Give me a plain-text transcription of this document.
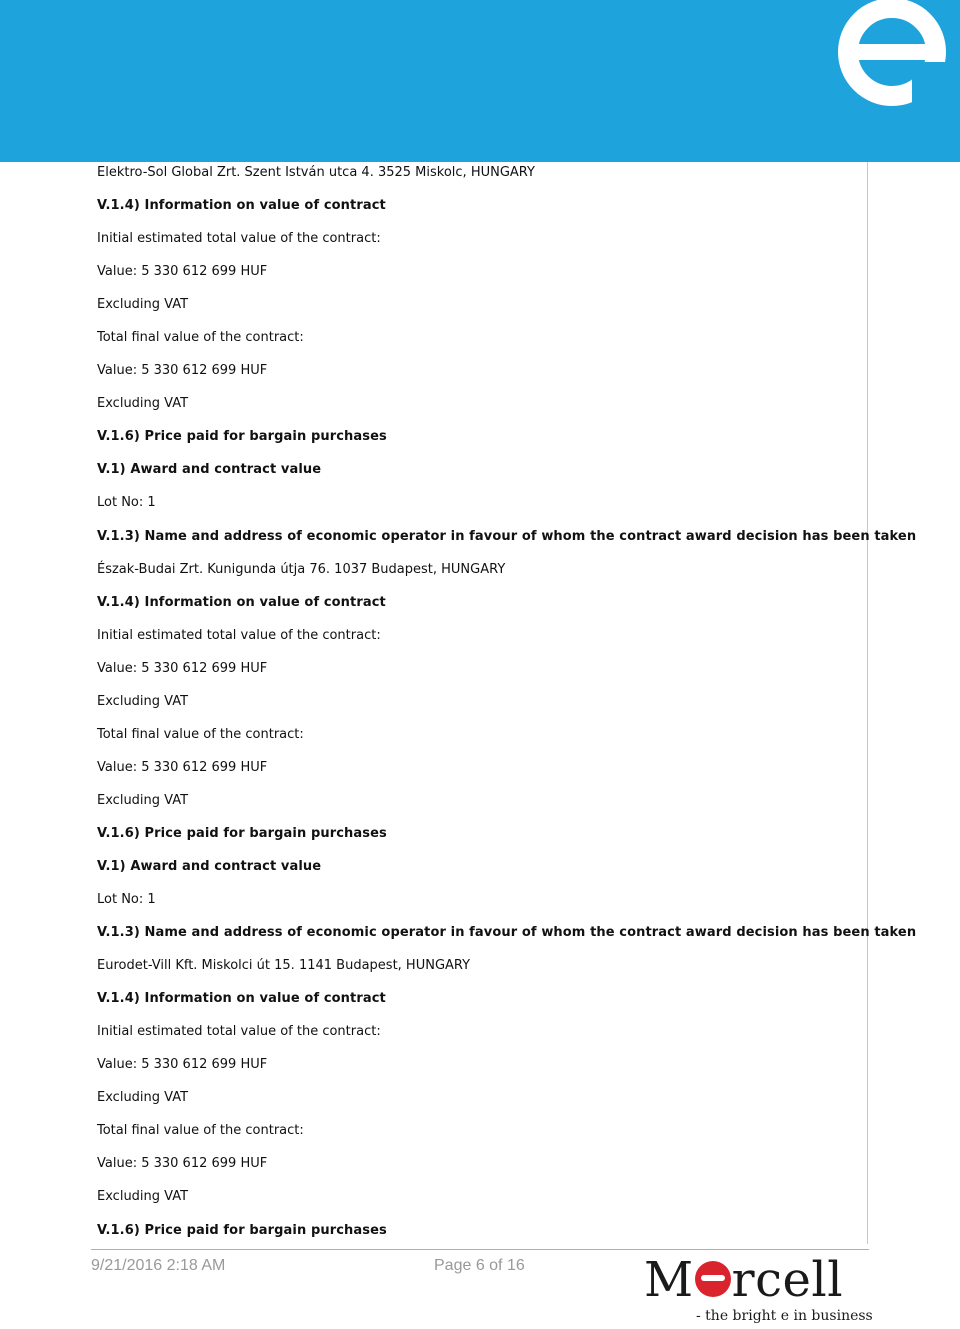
Elektro-Sol Global Zrt. Szent István utca 4. 3525 Miskolc, HUNGARY
V.1.4) Information on value of contract
Initial estimated total value of the contract:
Value: 5 330 612 699 HUF
Excluding VAT
Total final value of the contract:
Value: 5 330 612 699 HUF
Excluding VAT
V.1.6) Price paid for bargain purchases
V.1) Award and contract value
Lot No: 1
V.1.3) Name and address of economic operator in favour of whom the contract award decision has been taken
Észak-Budai Zrt. Kunigunda útja 76. 1037 Budapest, HUNGARY
V.1.4) Information on value of contract
Initial estimated total value of the contract:
Value: 5 330 612 699 HUF
Excluding VAT
Total final value of the contract:
Value: 5 330 612 699 HUF
Excluding VAT
V.1.6) Price paid for bargain purchases
V.1) Award and contract value
Lot No: 1
V.1.3) Name and address of economic operator in favour of whom the contract award decision has been taken
Eurodet-Vill Kft. Miskolci út 15. 1141 Budapest, HUNGARY
V.1.4) Information on value of contract
Initial estimated total value of the contract:
Value: 5 330 612 699 HUF
Excluding VAT
Total final value of the contract:
Value: 5 330 612 699 HUF
Excluding VAT
V.1.6) Price paid for bargain purchases
9/21/2016 2:18 AM	Page 6 of 16 M rcell
- the bright e in business
